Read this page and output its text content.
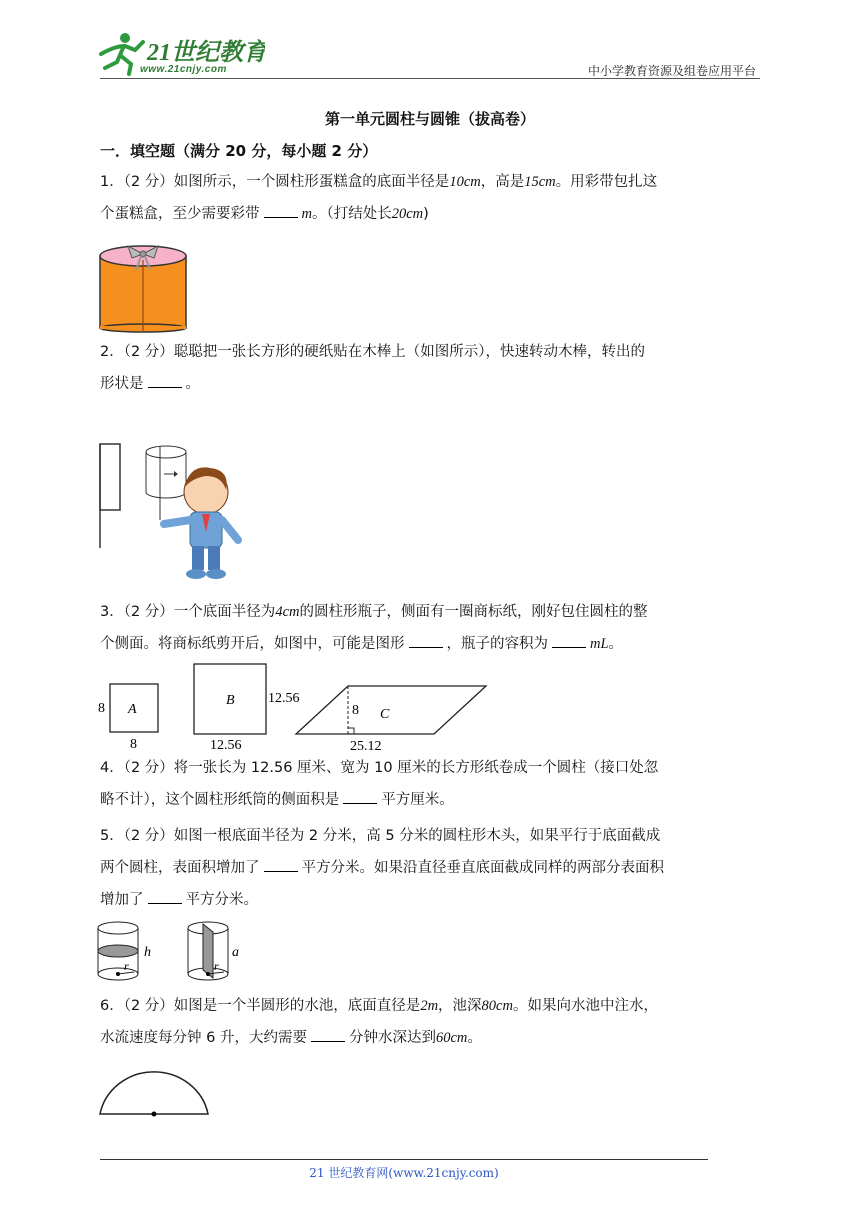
21世纪教育
www.21cnjy.com	中小学教育资源及组卷应用平台
第一单元圆柱与圆锥（拔高卷）
一．填空题（满分 20 分，每小题 2 分）
1．（2 分）如图所示，一个圆柱形蛋糕盒的底面半径是10cm，高是15cm。用彩带包扎这
个蛋糕盒，至少需要彩带	m。（打结处长20cm)
2．（2 分）聪聪把一张长方形的硬纸贴在木棒上（如图所示），快速转动木棒，转出的
形状是	。
3．（2 分）一个底面半径为4cm的圆柱形瓶子，侧面有一圈商标纸，刚好包住圆柱的整
个侧面。将商标纸剪开后，如图中，可能是图形	，瓶子的容积为	mL。
8
8
A
B 12.56
12.56
8 C
25.12
4．（2 分）将一张长为 12.56 厘米、宽为 10 厘米的长方形纸卷成一个圆柱（接口处忽
略不计），这个圆柱形纸筒的侧面积是	平方厘米。
5．（2 分）如图一根底面半径为 2 分米，高 5 分米的圆柱形木头，如果平行于底面截成
两个圆柱，表面积增加了	平方分米。如果沿直径垂直底面截成同样的两部分表面积
增加了	平方分米。
h
r
a
r
6．（2 分）如图是一个半圆形的水池，底面直径是2m，池深80cm。如果向水池中注水，
水流速度每分钟 6 升，大约需要	分钟水深达到60cm。
21 世纪教育网(www.21cnjy.com)
